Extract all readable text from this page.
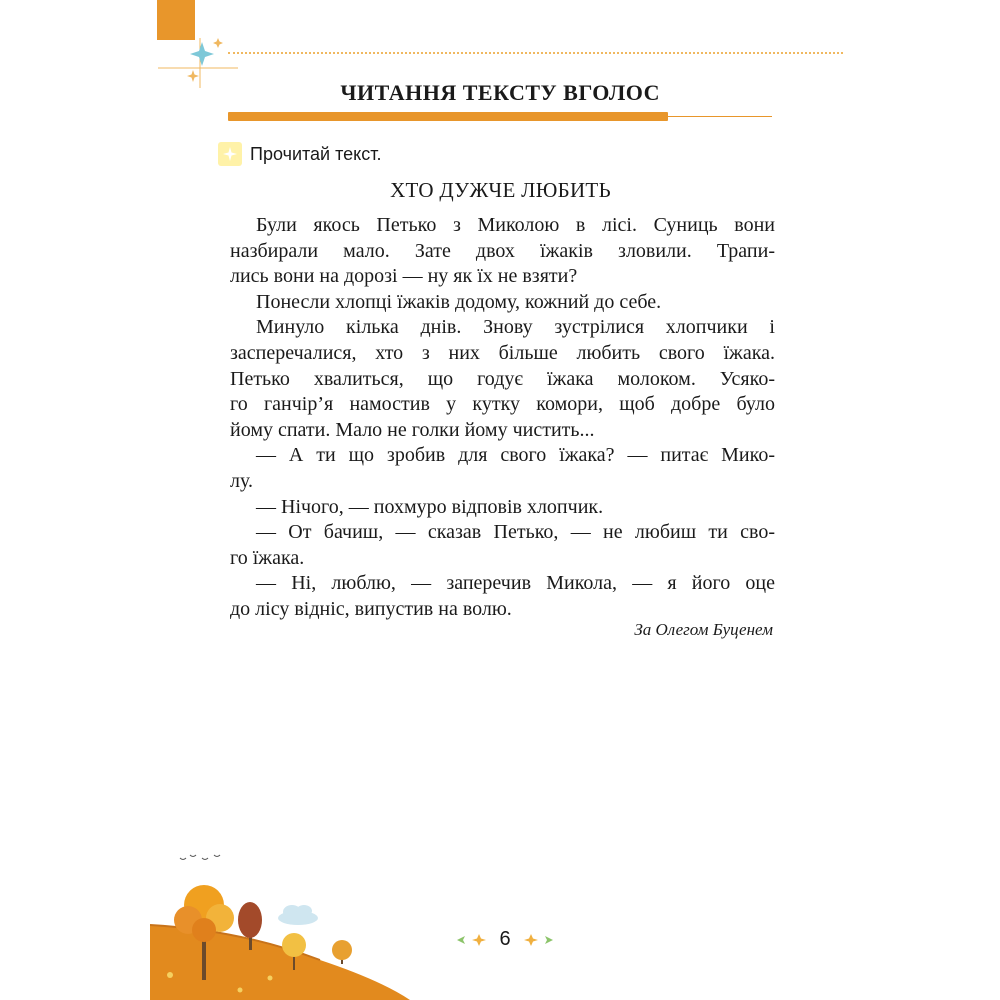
ЧИТАННЯ ТЕКСТУ ВГОЛОС
Прочитай текст.
ХТО ДУЖЧЕ ЛЮБИТЬ
Були якось Петько з Миколою в лісі. Суниць вони
назбирали мало. Зате двох їжаків зловили. Трапи-
лись вони на дорозі — ну як їх не взяти?
Понесли хлопці їжаків додому, кожний до себе.
Минуло кілька днів. Знову зустрілися хлопчики і
засперечалися, хто з них більше любить свого їжака.
Петько хвалиться, що годує їжака молоком. Усяко-
го ганчір’я намостив у кутку комори, щоб добре було
йому спати. Мало не голки йому чистить...
— А ти що зробив для свого їжака? — питає Мико-
лу.
— Нічого, — похмуро відповів хлопчик.
— От бачиш, — сказав Петько, — не любиш ти сво-
го їжака.
— Ні, люблю, — заперечив Микола, — я його оце
до лісу відніс, випустив на волю.
За Олегом Буценем
6
